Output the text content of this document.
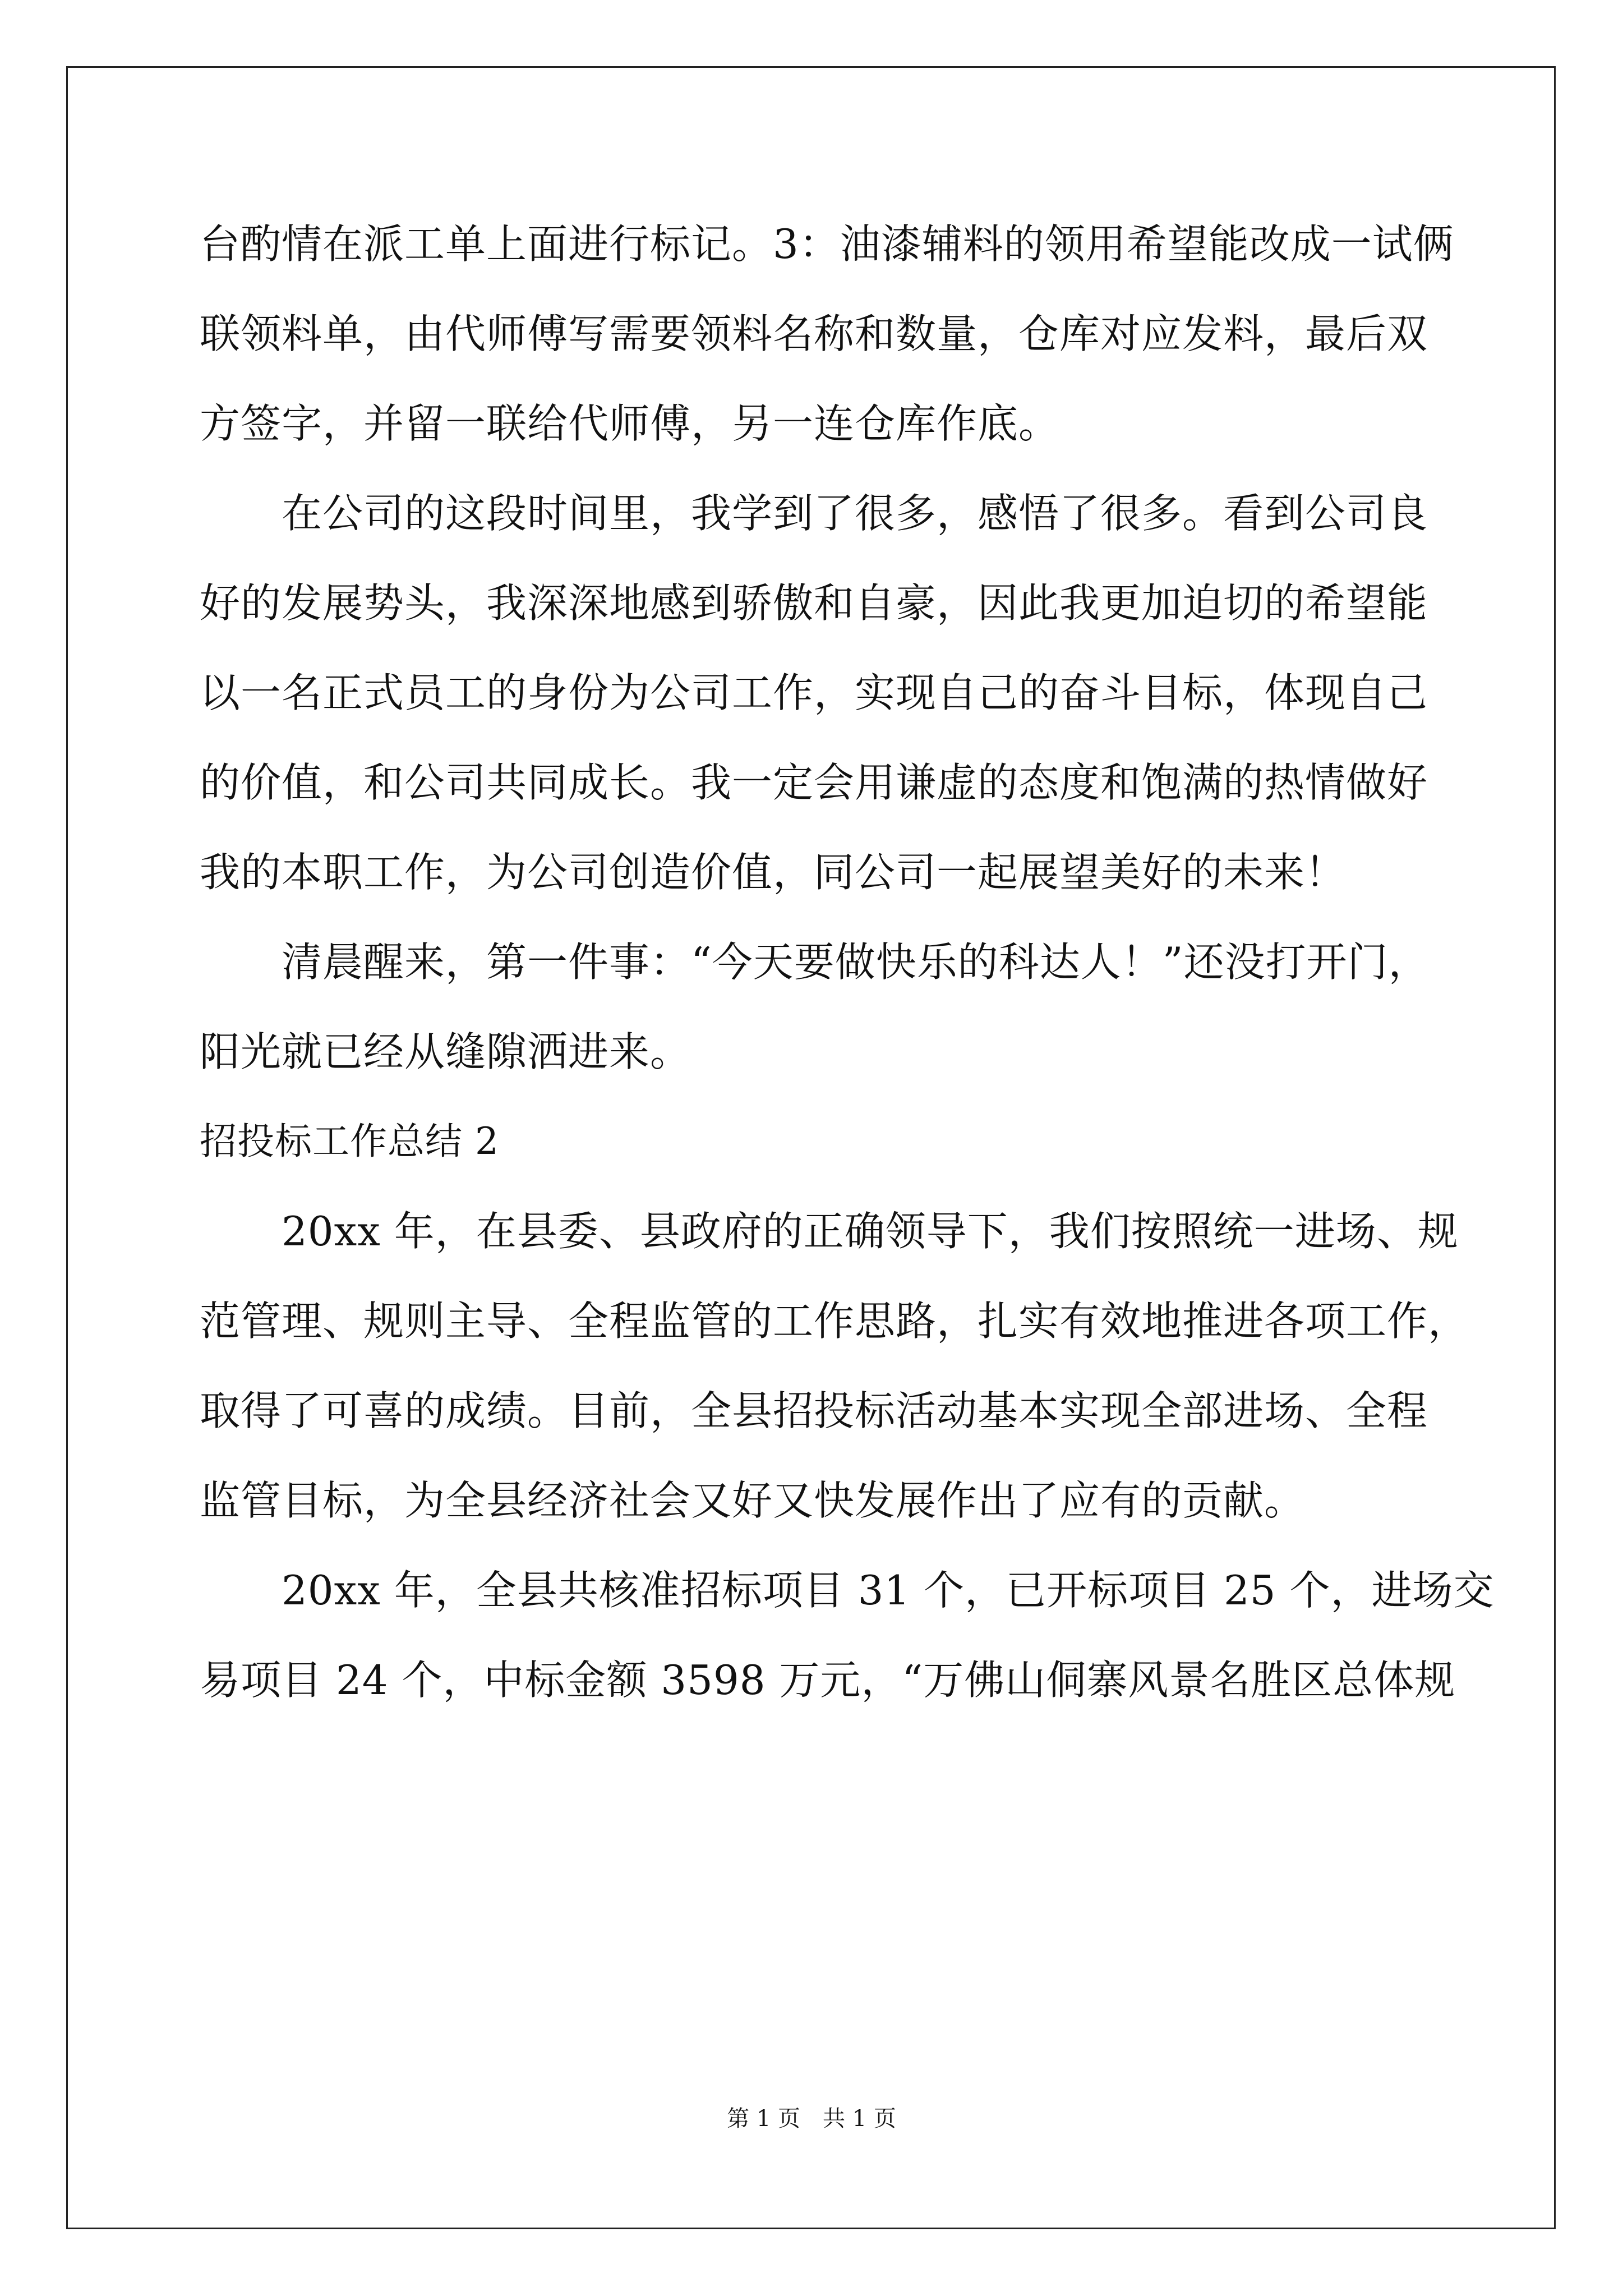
台酌情在派工单上面进行标记。3：油漆辅料的领用希望能改成一试俩
联领料单，由代师傅写需要领料名称和数量，仓库对应发料，最后双
方签字，并留一联给代师傅，另一连仓库作底。
　　在公司的这段时间里，我学到了很多，感悟了很多。看到公司良
好的发展势头，我深深地感到骄傲和自豪，因此我更加迫切的希望能
以一名正式员工的身份为公司工作，实现自己的奋斗目标，体现自己
的价值，和公司共同成长。我一定会用谦虚的态度和饱满的热情做好
我的本职工作，为公司创造价值，同公司一起展望美好的未来！
　　清晨醒来，第一件事：“今天要做快乐的科达人！”还没打开门，
阳光就已经从缝隙洒进来。
招投标工作总结 2
　　20xx 年，在县委、县政府的正确领导下，我们按照统一进场、规
范管理、规则主导、全程监管的工作思路，扎实有效地推进各项工作，
取得了可喜的成绩。目前，全县招投标活动基本实现全部进场、全程
监管目标，为全县经济社会又好又快发展作出了应有的贡献。
　　20xx 年，全县共核准招标项目 31 个，已开标项目 25 个，进场交
易项目 24 个，中标金额 3598 万元，“万佛山侗寨风景名胜区总体规
第 1 页　共 1 页
